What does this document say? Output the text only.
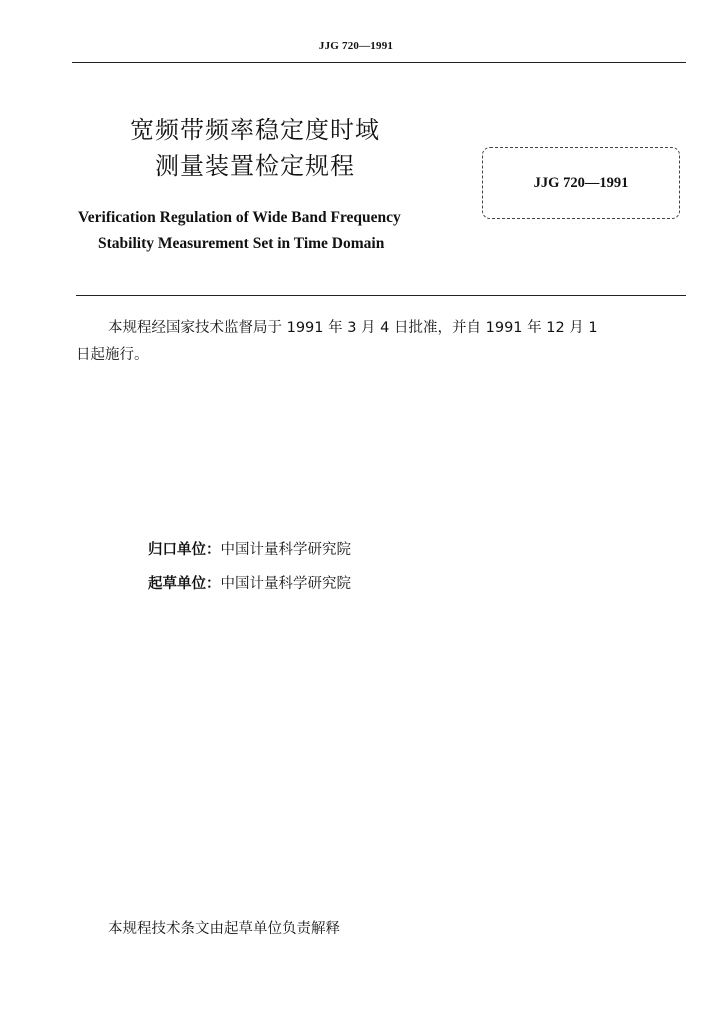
JJG 720—1991
宽频带频率稳定度时域
测量装置检定规程
Verification Regulation of Wide Band Frequency
Stability Measurement Set in Time Domain
JJG 720—1991
本规程经国家技术监督局于 1991 年 3 月 4 日批准，并自 1991 年 12 月 1
日起施行。
归口单位：中国计量科学研究院
起草单位：中国计量科学研究院
本规程技术条文由起草单位负责解释
